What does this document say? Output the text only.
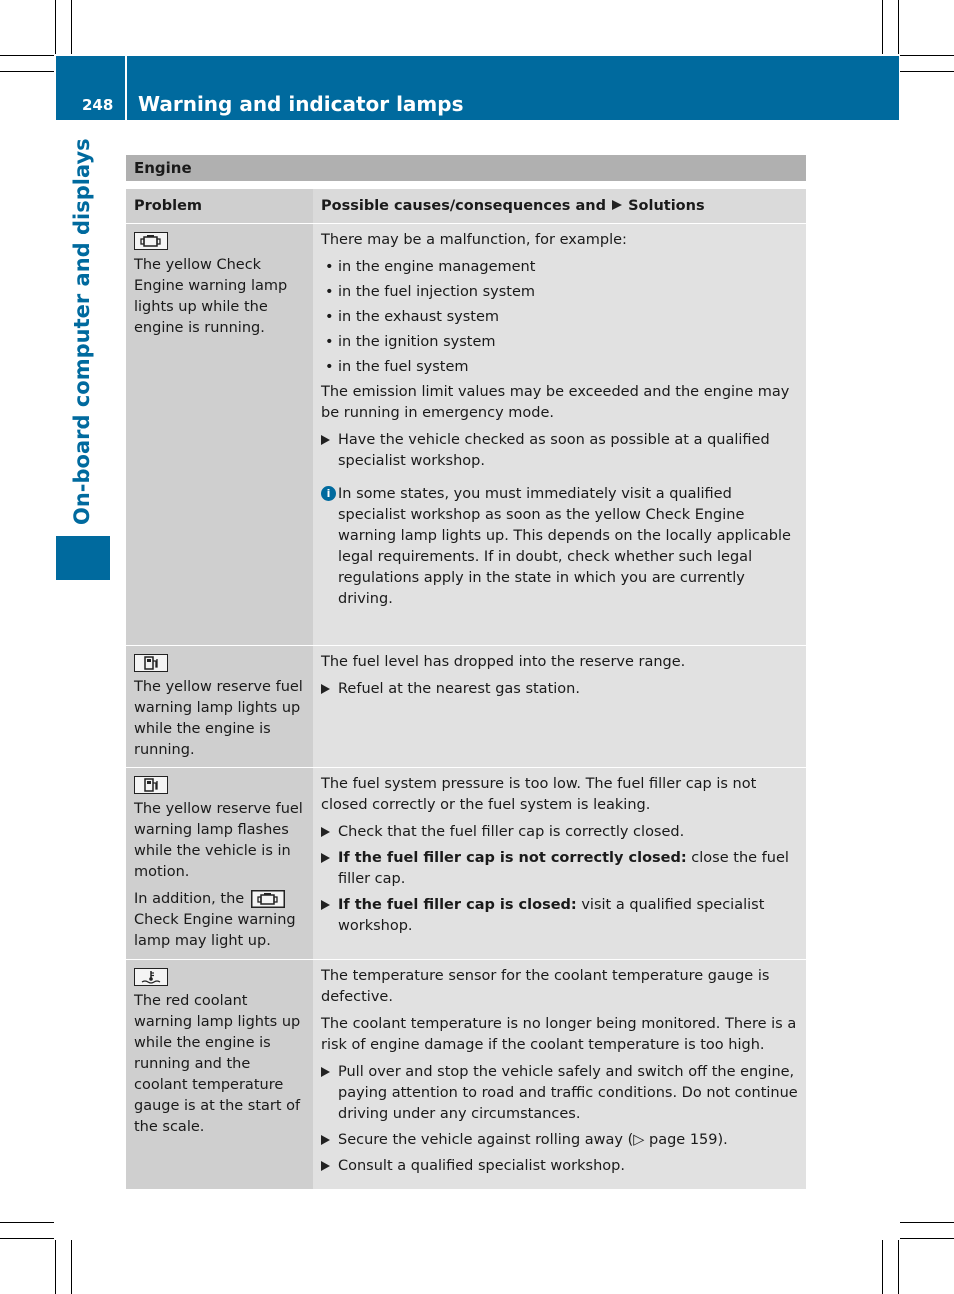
248 Warning and indicator lamps
On-board computer and displays	Engine
Problem	Possible causes/consequences and Solutions
The yellow Check Engine warning lamp lights up while the engine is running.

There may be a malfunction, for example:

• in the engine management
• in the fuel injection system
• in the exhaust system
• in the ignition system
• in the fuel system

The emission limit values may be exceeded and the engine may be running in emergency mode.

Have the vehicle checked as soon as possible at a qualified specialist workshop.
i In some states, you must immediately visit a qualified specialist workshop as soon as the yellow Check Engine warning lamp lights up. This depends on the locally applicable legal requirements. If in doubt, check whether such legal regulations apply in the state in which you are currently driving.
The yellow reserve fuel warning lamp lights up while the engine is running.

The fuel level has dropped into the reserve range.

Refuel at the nearest gas station.
The yellow reserve fuel warning lamp flashes while the vehicle is in motion.
In addition, the  Check Engine warning lamp may light up.

The fuel system pressure is too low. The fuel filler cap is not closed correctly or the fuel system is leaking.

Check that the fuel filler cap is correctly closed.
If the fuel filler cap is not correctly closed: close the fuel filler cap.
If the fuel filler cap is closed: visit a qualified specialist workshop.
The red coolant warning lamp lights up while the engine is running and the coolant temperature gauge is at the start of the scale.

The temperature sensor for the coolant temperature gauge is defective.

The coolant temperature is no longer being monitored. There is a risk of engine damage if the coolant temperature is too high.

Pull over and stop the vehicle safely and switch off the engine, paying attention to road and traffic conditions. Do not continue driving under any circumstances.
Secure the vehicle against rolling away (▷ page 159).
Consult a qualified specialist workshop.
